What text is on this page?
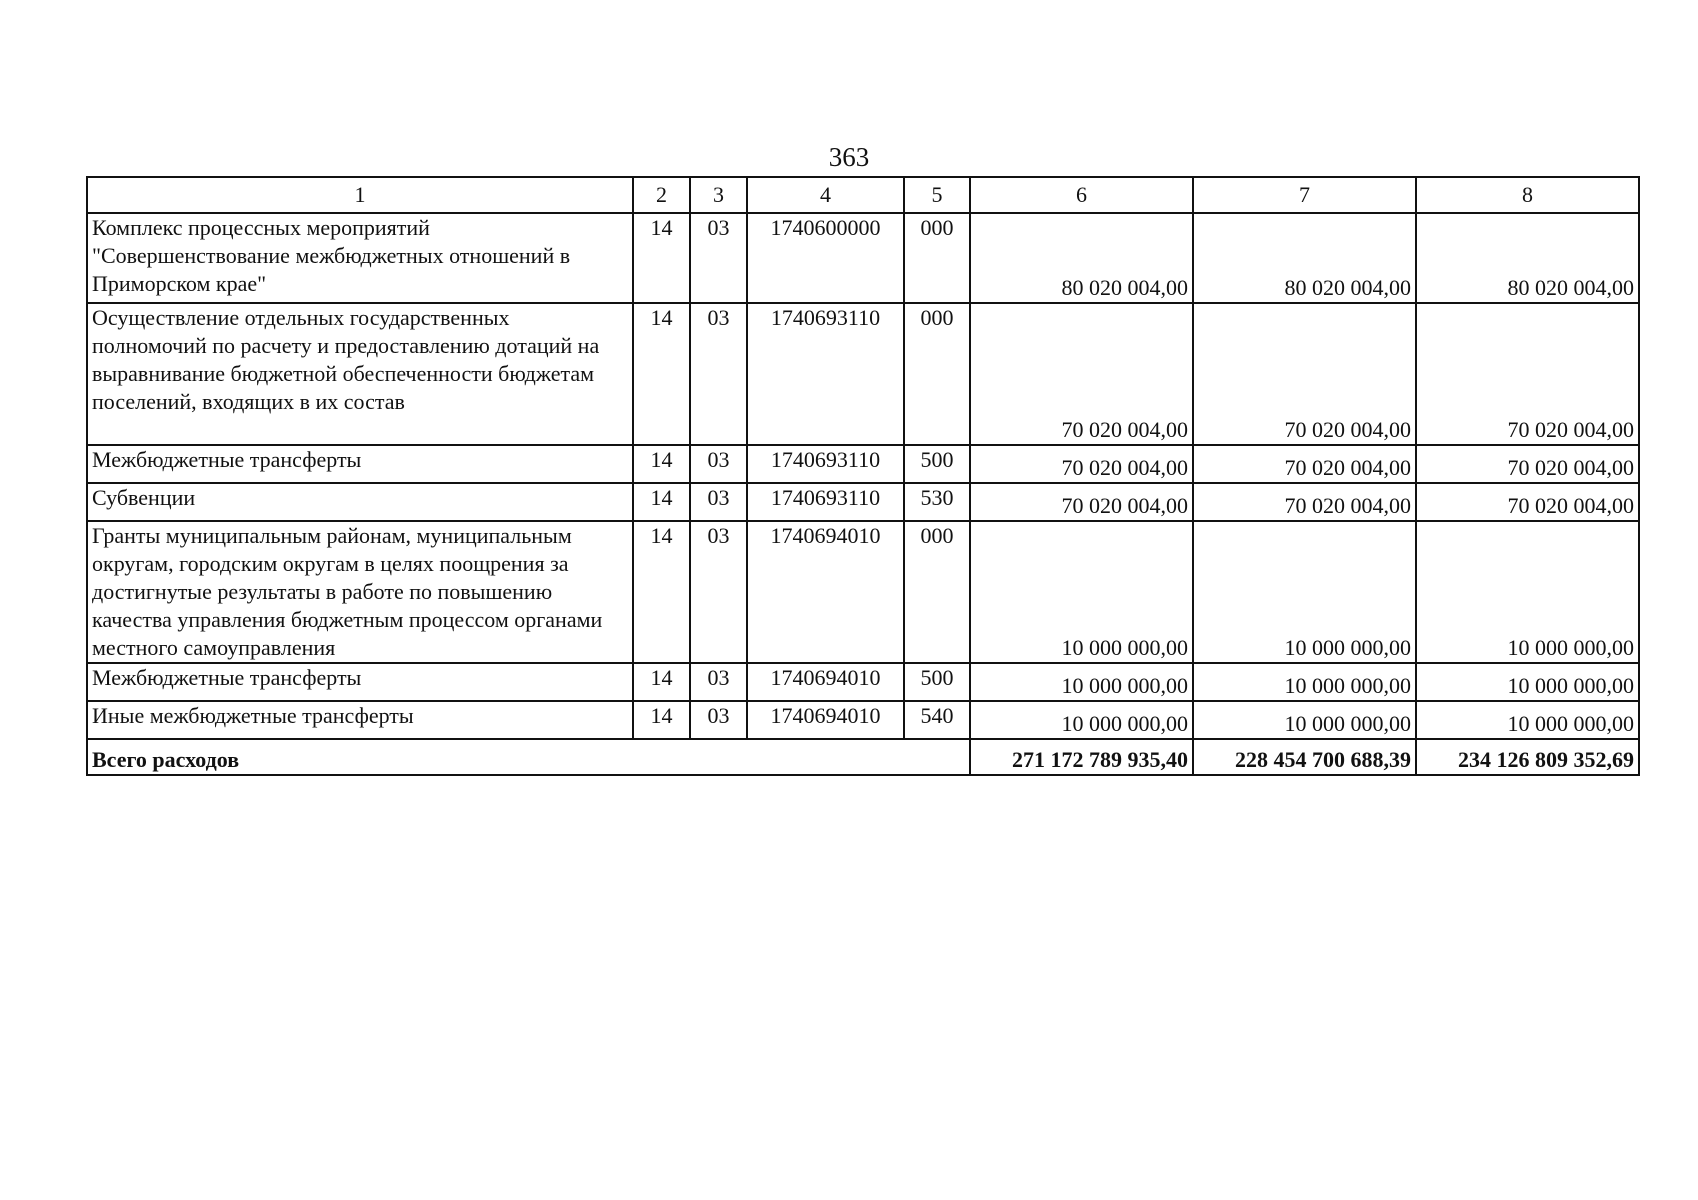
363
1	2	3	4	5	6	7	8
Комплекс процессных мероприятий "Совершенствование межбюджетных отношений в Приморском крае"	14	03	1740600000	000	80 020 004,00	80 020 004,00	80 020 004,00
Осуществление отдельных государственных полномочий по расчету и предоставлению дотаций на выравнивание бюджетной обеспеченности бюджетам поселений, входящих в их состав	14	03	1740693110	000	70 020 004,00	70 020 004,00	70 020 004,00
Межбюджетные трансферты	14	03	1740693110	500	70 020 004,00	70 020 004,00	70 020 004,00
Субвенции	14	03	1740693110	530	70 020 004,00	70 020 004,00	70 020 004,00
Гранты муниципальным районам, муниципальным округам, городским округам в целях поощрения за достигнутые результаты в работе по повышению качества управления бюджетным процессом органами местного самоуправления	14	03	1740694010	000	10 000 000,00	10 000 000,00	10 000 000,00
Межбюджетные трансферты	14	03	1740694010	500	10 000 000,00	10 000 000,00	10 000 000,00
Иные межбюджетные трансферты	14	03	1740694010	540	10 000 000,00	10 000 000,00	10 000 000,00
Всего расходов					271 172 789 935,40	228 454 700 688,39	234 126 809 352,69
